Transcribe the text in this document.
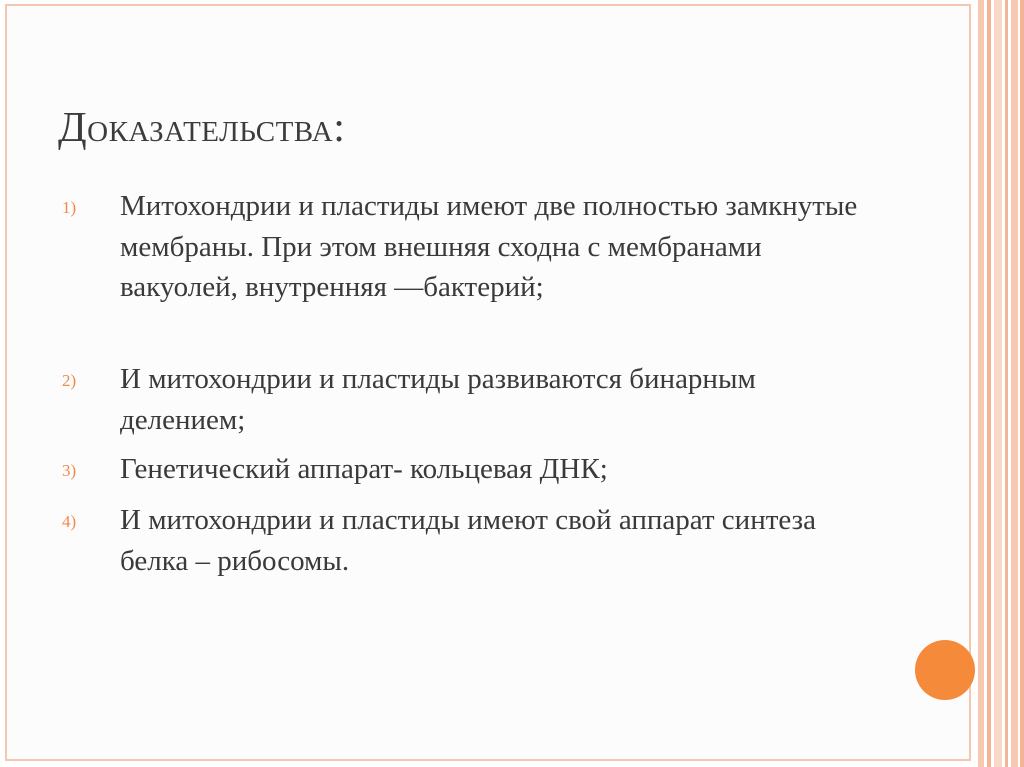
Доказательства:
1) Митохондрии и пластиды имеют две полностью замкнутые мембраны. При этом внешняя сходна с мембранами вакуолей, внутренняя —бактерий;

2) И митохондрии и пластиды развиваются бинарным делением;

3) Генетический аппарат- кольцевая ДНК;

4) И митохондрии и пластиды имеют свой аппарат синтеза белка – рибосомы.
